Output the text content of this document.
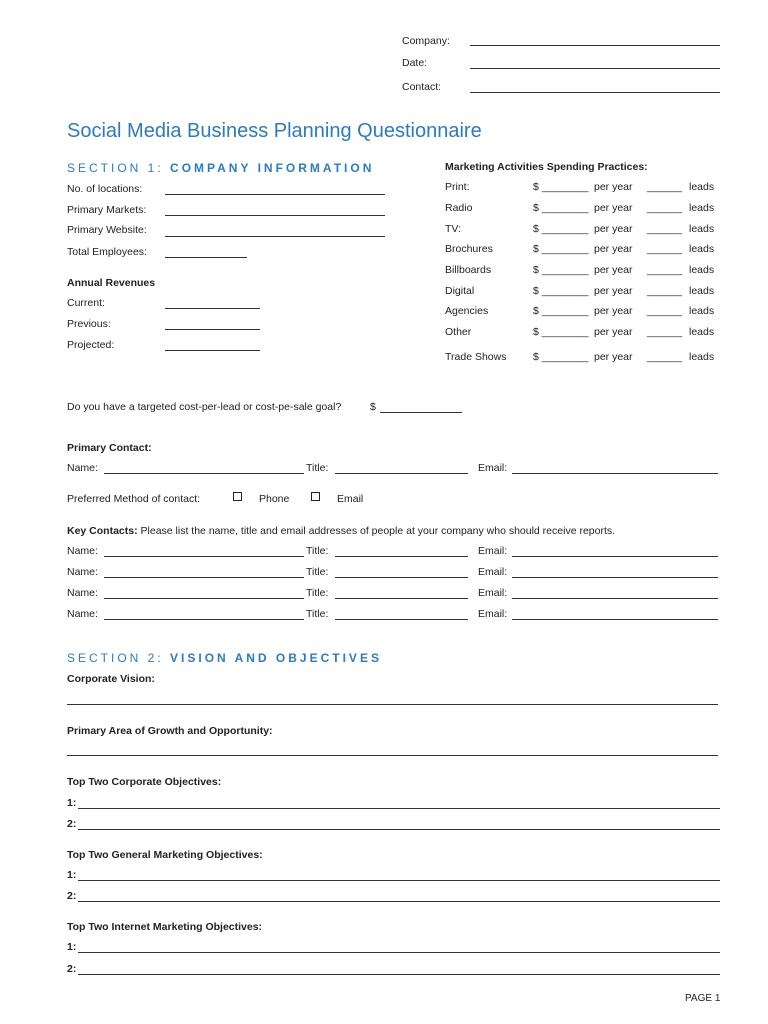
Company:
Date:
Contact:
Social Media Business Planning Questionnaire
SECTION 1: COMPANY INFORMATION
No. of locations:
Primary Markets:
Primary Website:
Total Employees:
Annual Revenues
Current:
Previous:
Projected:
Marketing Activities Spending Practices:
Print:	$ ________ per year ______ leads
Radio	$ ________ per year ______ leads
TV:	$ ________ per year ______ leads
Brochures	$ ________ per year ______ leads
Billboards	$ ________ per year ______ leads
Digital	$ ________ per year ______ leads
Agencies	$ ________ per year ______ leads
Other	$ ________ per year ______ leads
Trade Shows	$ ________ per year ______ leads
Do you have a targeted cost-per-lead or cost-pe-sale goal?	$
Primary Contact:
Name:	Title:	Email:
Preferred Method of contact:	Phone	Email
Key Contacts: Please list the name, title and email addresses of people at your company who should receive reports.
Name:	Title:	Email:
Name:	Title:	Email:
Name:	Title:	Email:
Name:	Title:	Email:
SECTION 2: VISION AND OBJECTIVES
Corporate Vision:
Primary Area of Growth and Opportunity:
Top Two Corporate Objectives:
1:
2:
Top Two General Marketing Objectives:
1:
2:
Top Two Internet Marketing Objectives:
1:
2:
PAGE 1
